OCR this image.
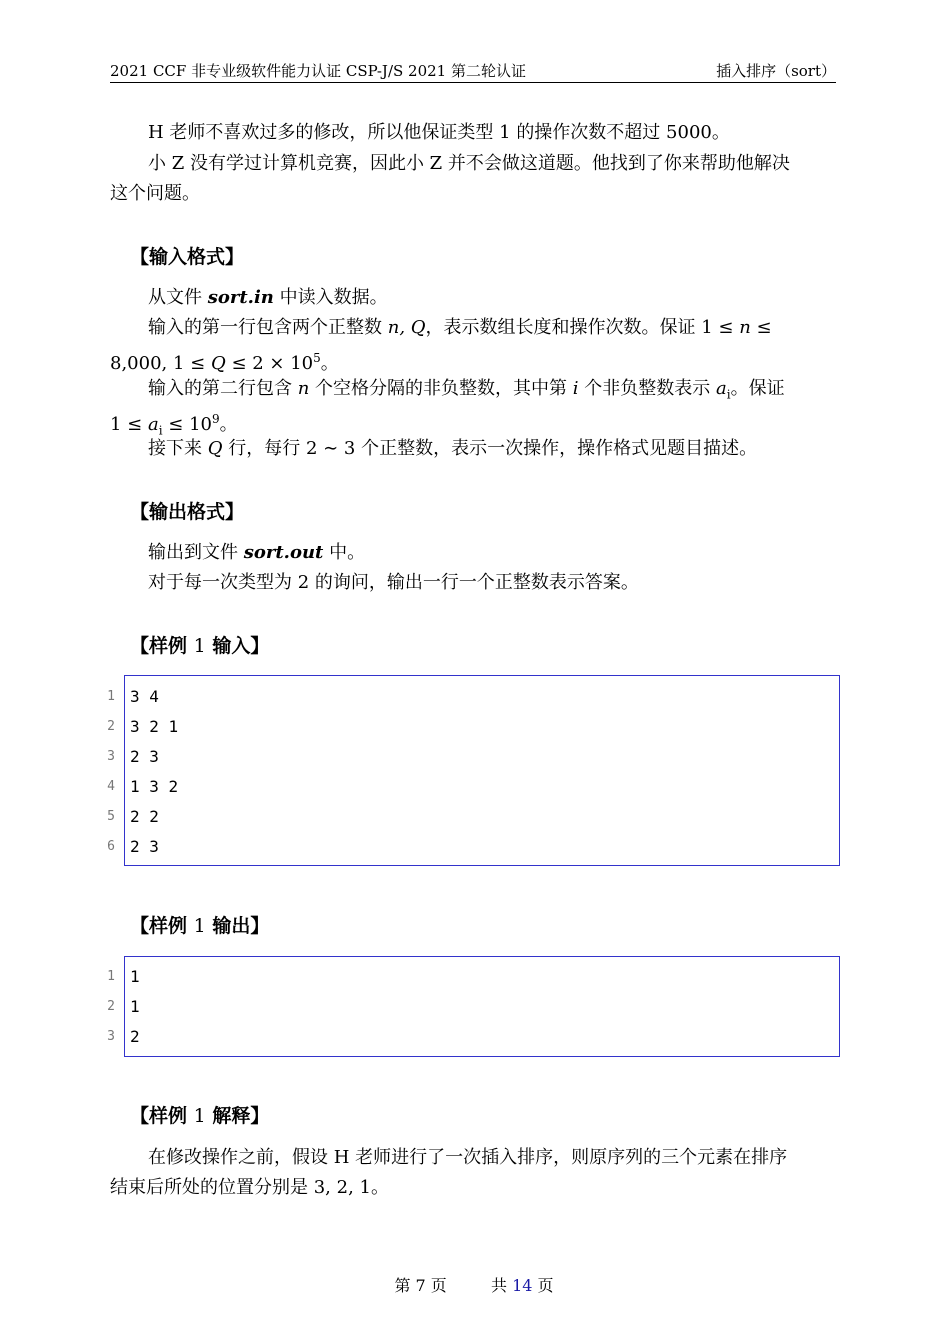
2021 CCF 非专业级软件能力认证 CSP-J/S 2021 第二轮认证	插入排序（sort）
H 老师不喜欢过多的修改，所以他保证类型 1 的操作次数不超过 5000。
小 Z 没有学过计算机竞赛，因此小 Z 并不会做这道题。他找到了你来帮助他解决
这个问题。
【输入格式】
从文件 sort.in 中读入数据。
输入的第一行包含两个正整数 n, Q，表示数组长度和操作次数。保证 1 ≤ n ≤
8,000, $1 \le Q \le 2 \times 10^5$。
输入的第二行包含 n 个空格分隔的非负整数，其中第 i 个非负整数表示 $a_i$。保证
$1 \le a_i \le 10^9$。
接下来 Q 行，每行 2 ∼ 3 个正整数，表示一次操作，操作格式见题目描述。
【输出格式】
输出到文件 sort.out 中。
对于每一次类型为 2 的询问，输出一行一个正整数表示答案。
【样例 1 输入】
1 3 4
2 3 2 1
3 2 3
4 1 3 2
5 2 2
6 2 3
【样例 1 输出】
1 1
2 1
3 2
【样例 1 解释】
在修改操作之前，假设 H 老师进行了一次插入排序，则原序列的三个元素在排序
结束后所处的位置分别是 3, 2, 1。
第 7 页	共 14 页
